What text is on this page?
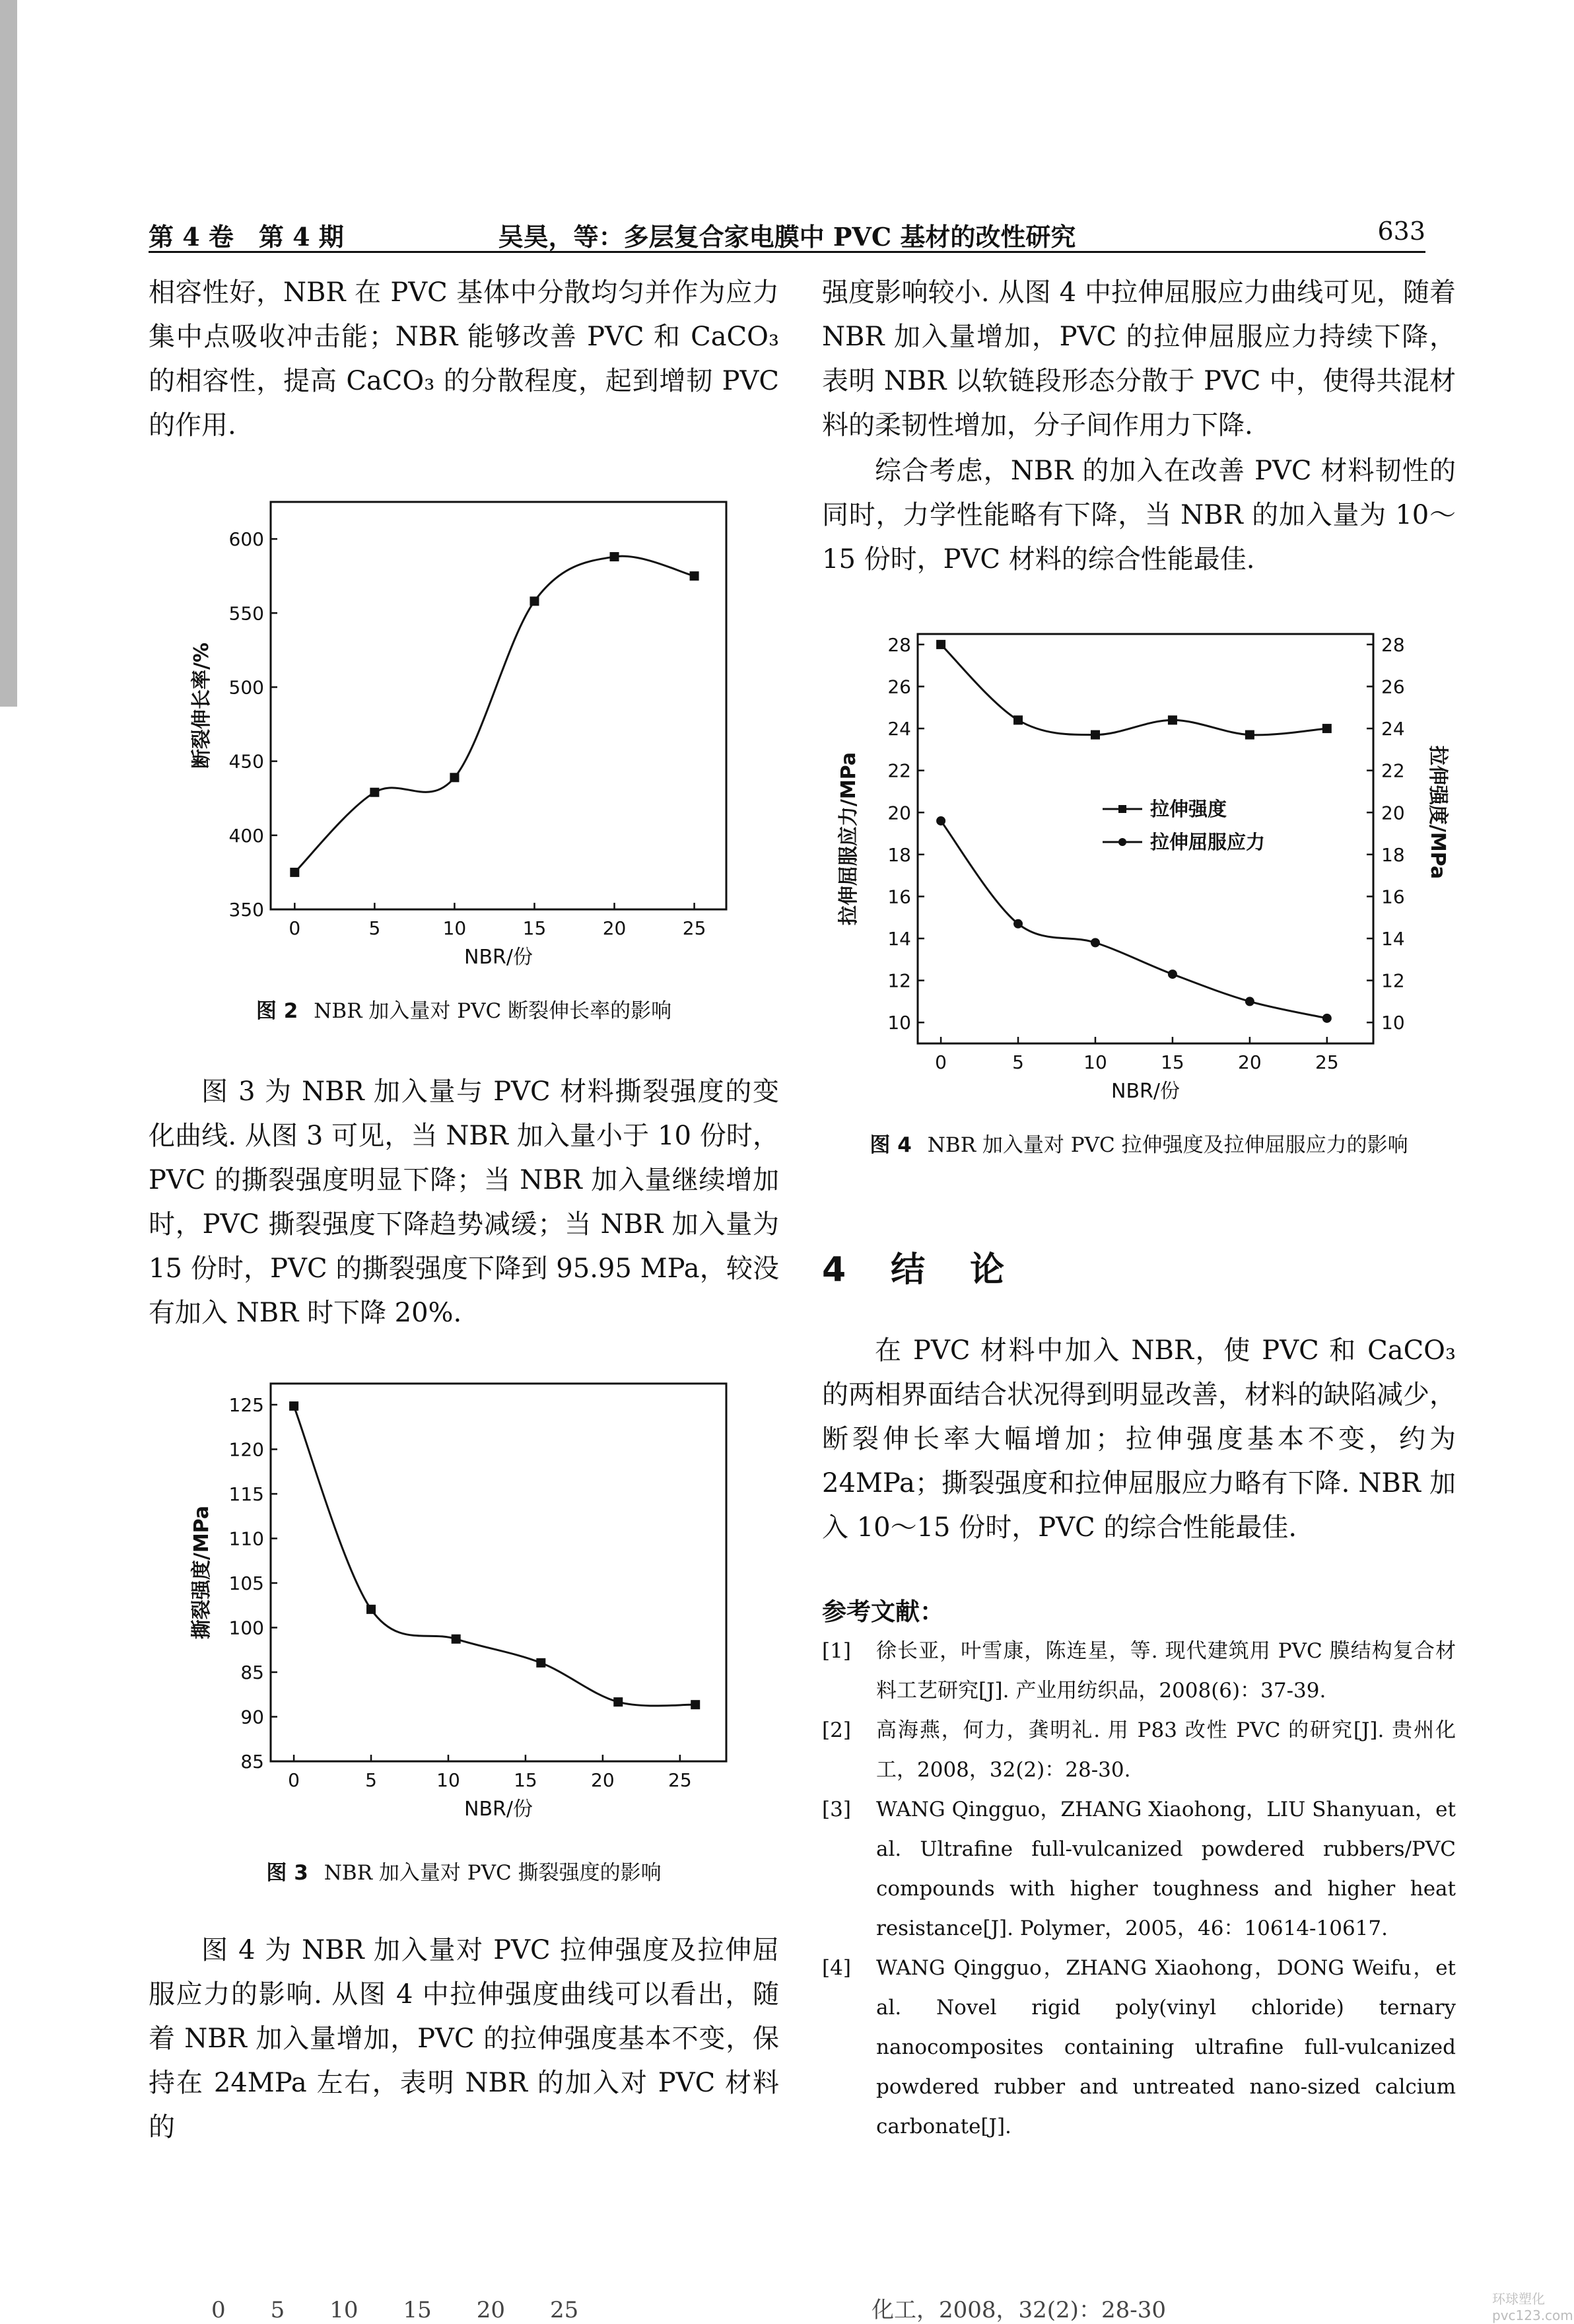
第 4 卷　第 4 期	吴昊，等：多层复合家电膜中 PVC 基材的改性研究	633
相容性好，NBR 在 PVC 基体中分散均匀并作为应力集中点吸收冲击能；NBR 能够改善 PVC 和 CaCO₃ 的相容性，提高 CaCO₃ 的分散程度，起到增韧 PVC 的作用.
0	5	10	15	20	25
350
400
450
500
550
600
NBR/份
断裂伸长率/%
图 2 NBR 加入量对 PVC 断裂伸长率的影响
图 3 为 NBR 加入量与 PVC 材料撕裂强度的变化曲线. 从图 3 可见，当 NBR 加入量小于 10 份时，PVC 的撕裂强度明显下降；当 NBR 加入量继续增加时，PVC 撕裂强度下降趋势减缓；当 NBR 加入量为 15 份时，PVC 的撕裂强度下降到 95.95 MPa，较没有加入 NBR 时下降 20%.
0	5	10	15	20	25
85
90
85
100
105
110
115
120
125
NBR/份
撕裂强度/MPa
图 3 NBR 加入量对 PVC 撕裂强度的影响
图 4 为 NBR 加入量对 PVC 拉伸强度及拉伸屈服应力的影响. 从图 4 中拉伸强度曲线可以看出，随着 NBR 加入量增加，PVC 的拉伸强度基本不变，保持在 24MPa 左右，表明 NBR 的加入对 PVC 材料的
强度影响较小. 从图 4 中拉伸屈服应力曲线可见，随着 NBR 加入量增加，PVC 的拉伸屈服应力持续下降，表明 NBR 以软链段形态分散于 PVC 中，使得共混材料的柔韧性增加，分子间作用力下降.
综合考虑，NBR 的加入在改善 PVC 材料韧性的同时，力学性能略有下降，当 NBR 的加入量为 10～15 份时，PVC 材料的综合性能最佳.
0	5	10	15	20	25
10	10
12	12
14	14
16	16
18	18
20	20
22	22
24	24
26	26
28	28
NBR/份
拉伸屈服应力/MPa	拉伸强度/MPa
拉伸强度
拉伸屈服应力
图 4 NBR 加入量对 PVC 拉伸强度及拉伸屈服应力的影响
4　结　论
在 PVC 材料中加入 NBR，使 PVC 和 CaCO₃ 的两相界面结合状况得到明显改善，材料的缺陷减少，断裂伸长率大幅增加；拉伸强度基本不变，约为 24MPa；撕裂强度和拉伸屈服应力略有下降. NBR 加入 10～15 份时，PVC 的综合性能最佳.
参考文献：
[1]	徐长亚，叶雪康，陈连星，等. 现代建筑用 PVC 膜结构复合材料工艺研究[J]. 产业用纺织品，2008(6)：37-39.
[2]	高海燕，何力，龚明礼. 用 P83 改性 PVC 的研究[J]. 贵州化工，2008，32(2)：28-30.
[3]	WANG Qingguo，ZHANG Xiaohong，LIU Shanyuan，et al. Ultrafine full-vulcanized powdered rubbers/PVC compounds with higher toughness and higher heat resistance[J]. Polymer，2005，46：10614-10617.
[4]	WANG Qingguo，ZHANG Xiaohong，DONG Weifu，et al. Novel rigid poly(vinyl chloride) ternary nanocomposites containing ultrafine full-vulcanized powdered rubber and untreated nano-sized calcium carbonate[J].
0　　5　　10　　15　　20　　25	化工，2008，32(2)：28-30	环球塑化 pvc123.com
